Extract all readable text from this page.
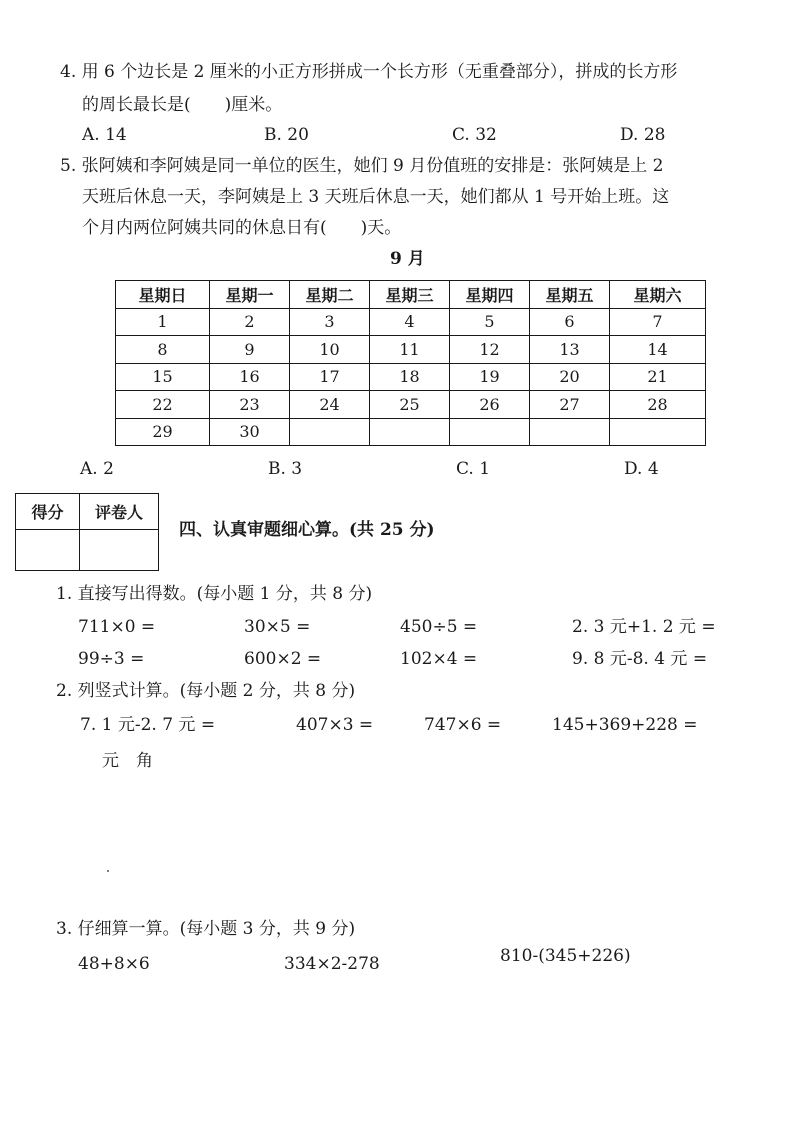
4. 用 6 个边长是 2 厘米的小正方形拼成一个长方形（无重叠部分），拼成的长方形
的周长最长是(　　)厘米。
A. 14	B. 20	C. 32	D. 28
5. 张阿姨和李阿姨是同一单位的医生，她们 9 月份值班的安排是：张阿姨是上 2
天班后休息一天，李阿姨是上 3 天班后休息一天，她们都从 1 号开始上班。这
个月内两位阿姨共同的休息日有(　　)天。
9 月
星期日	星期一	星期二	星期三	星期四	星期五	星期六
1	2	3	4	5	6	7
8	9	10	11	12	13	14
15	16	17	18	19	20	21
22	23	24	25	26	27	28
29	30					
A. 2	B. 3	C. 1	D. 4
得分	评卷人

四、认真审题细心算。(共 25 分)
1. 直接写出得数。(每小题 1 分，共 8 分)
711×0 =	30×5 =	450÷5 =	2. 3 元+1. 2 元 =
99÷3 =	600×2 =	102×4 =	9. 8 元-8. 4 元 =
2. 列竖式计算。(每小题 2 分，共 8 分)
7. 1 元-2. 7 元 =	407×3 =	747×6 =	145+369+228 =
元　角
3. 仔细算一算。(每小题 3 分，共 9 分)
48+8×6	334×2-278	810-(345+226)
